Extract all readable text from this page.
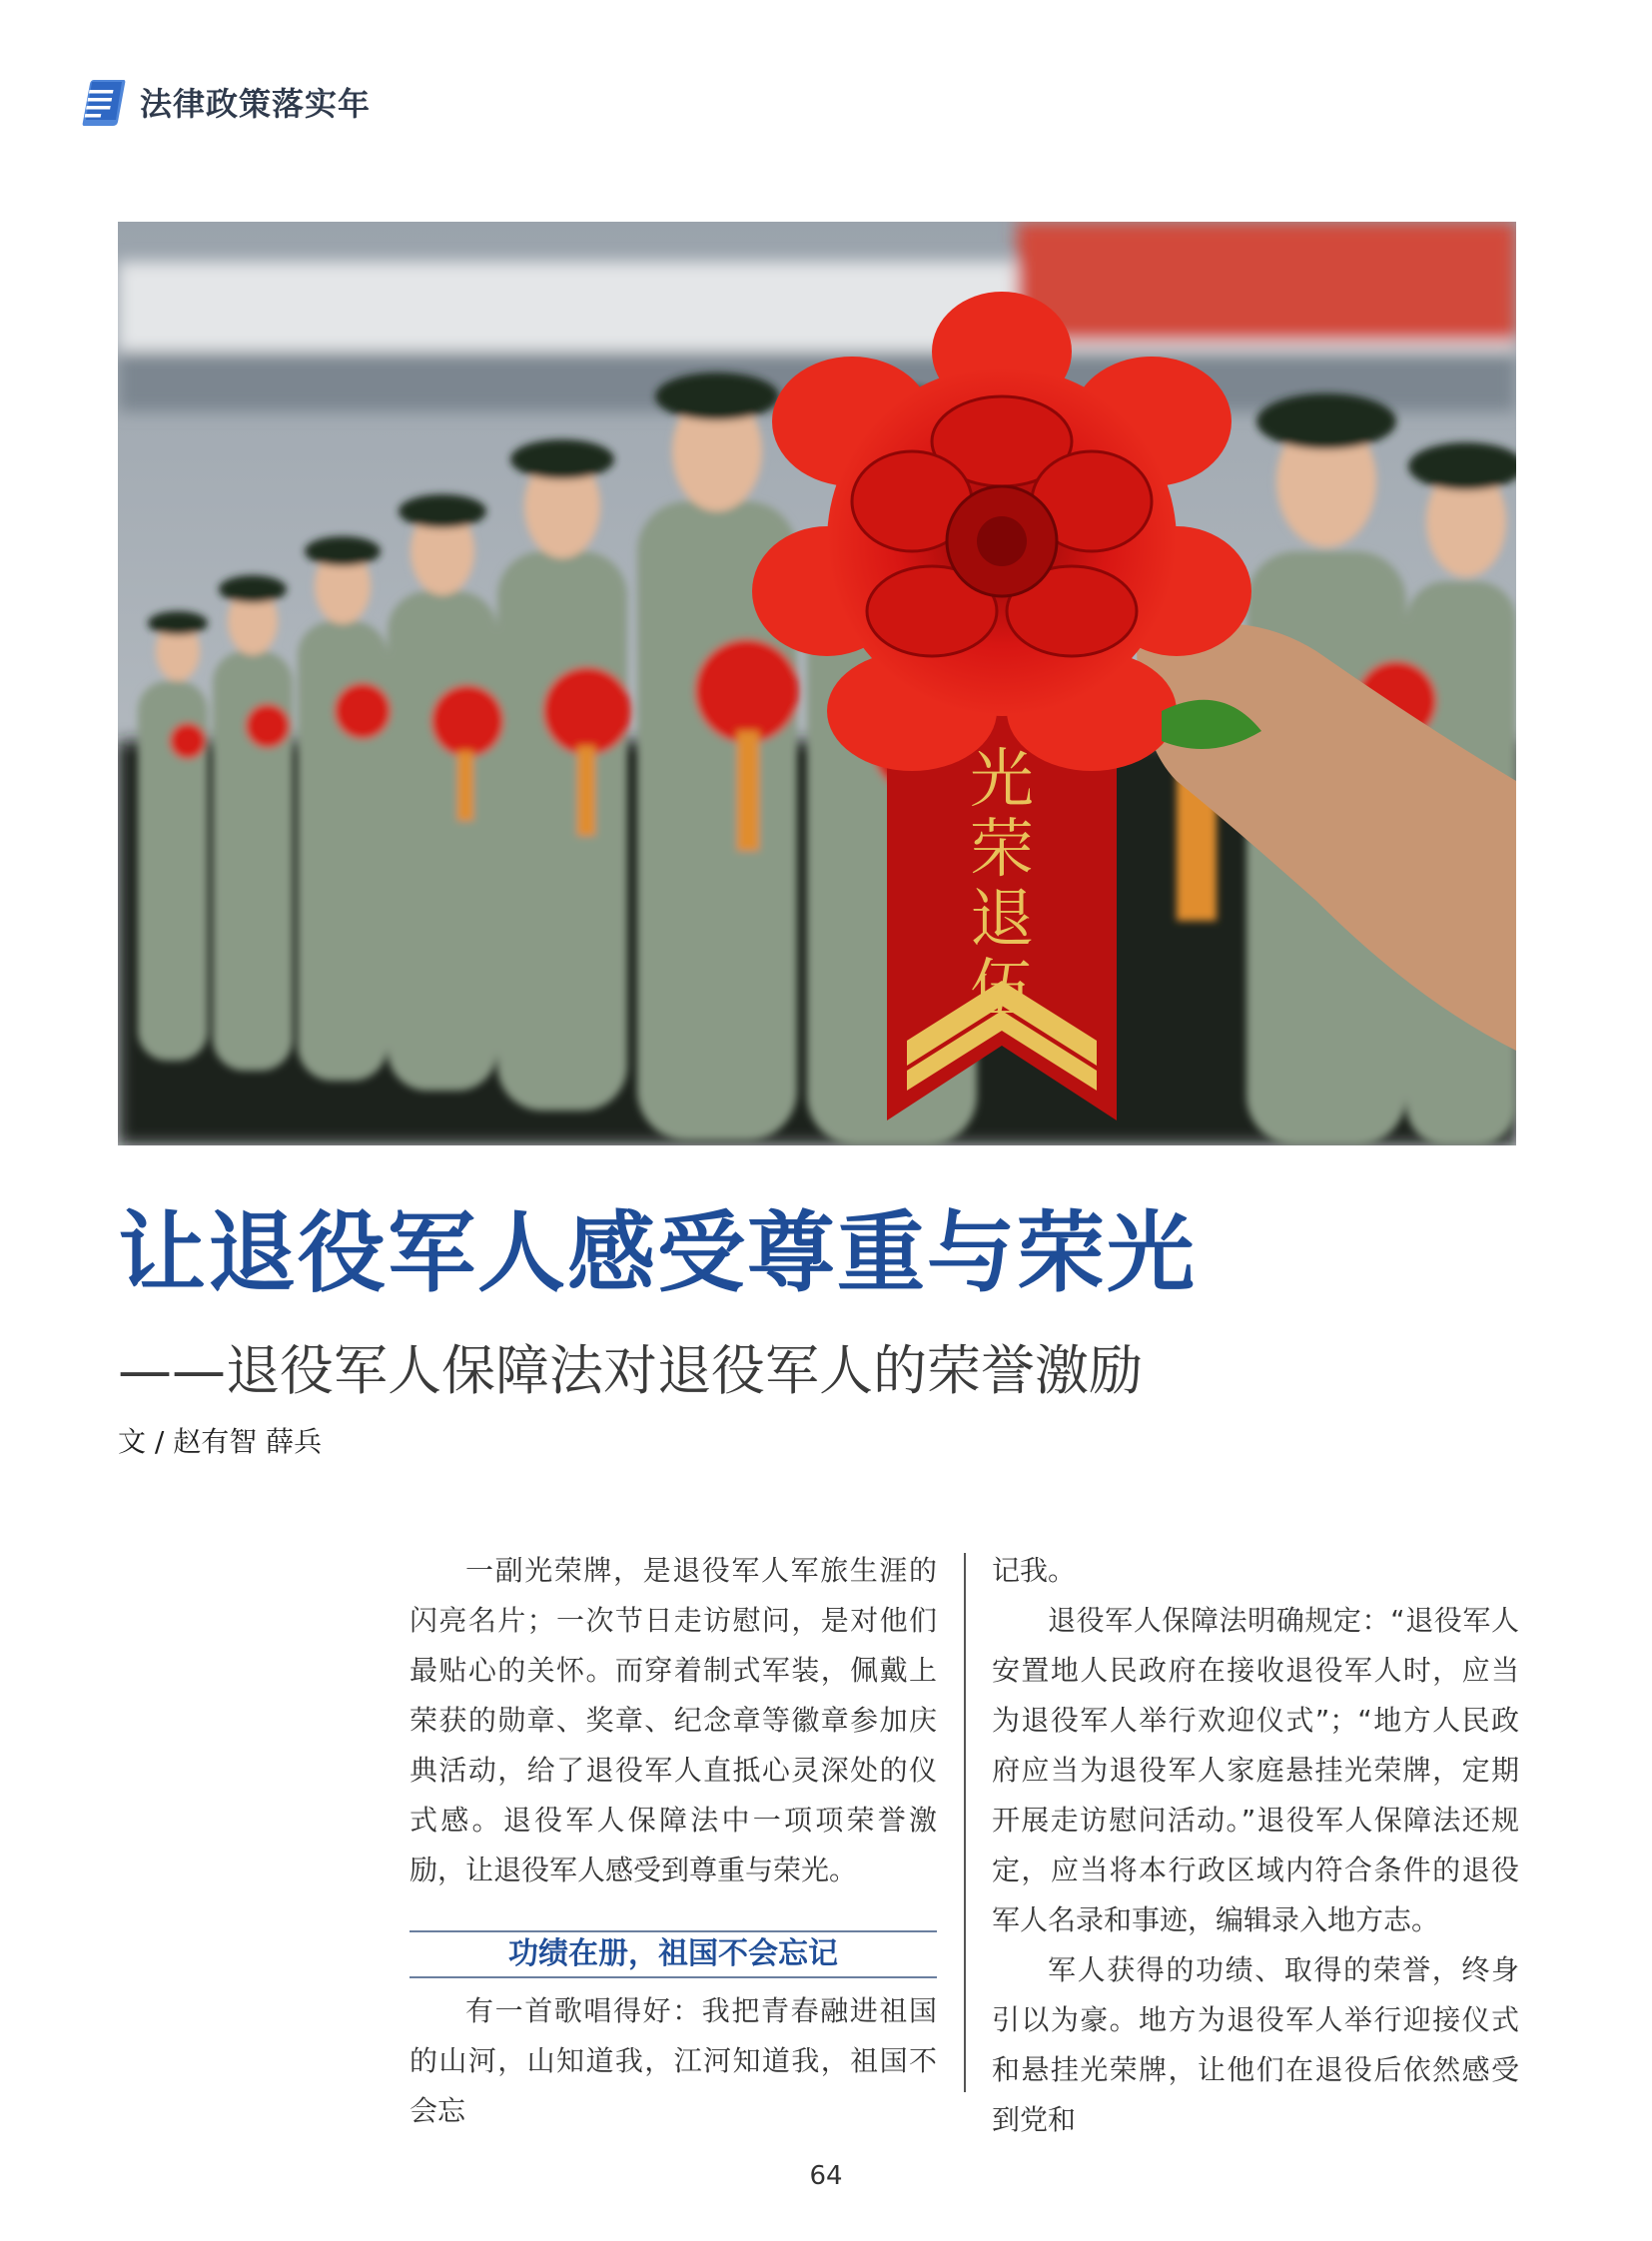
法律政策落实年
光
荣
退
伍
让退役军人感受尊重与荣光
——退役军人保障法对退役军人的荣誉激励
文 / 赵有智 薛兵

一副光荣牌，是退役军人军旅生涯的闪亮名片；一次节日走访慰问，是对他们最贴心的关怀。而穿着制式军装，佩戴上荣获的勋章、奖章、纪念章等徽章参加庆典活动，给了退役军人直抵心灵深处的仪式感。退役军人保障法中一项项荣誉激励，让退役军人感受到尊重与荣光。

功绩在册，祖国不会忘记

有一首歌唱得好：我把青春融进祖国的山河，山知道我，江河知道我，祖国不会忘

记我。

退役军人保障法明确规定：“退役军人安置地人民政府在接收退役军人时，应当为退役军人举行欢迎仪式”；“地方人民政府应当为退役军人家庭悬挂光荣牌，定期开展走访慰问活动。”退役军人保障法还规定，应当将本行政区域内符合条件的退役军人名录和事迹，编辑录入地方志。

军人获得的功绩、取得的荣誉，终身引以为豪。地方为退役军人举行迎接仪式和悬挂光荣牌，让他们在退役后依然感受到党和

64
